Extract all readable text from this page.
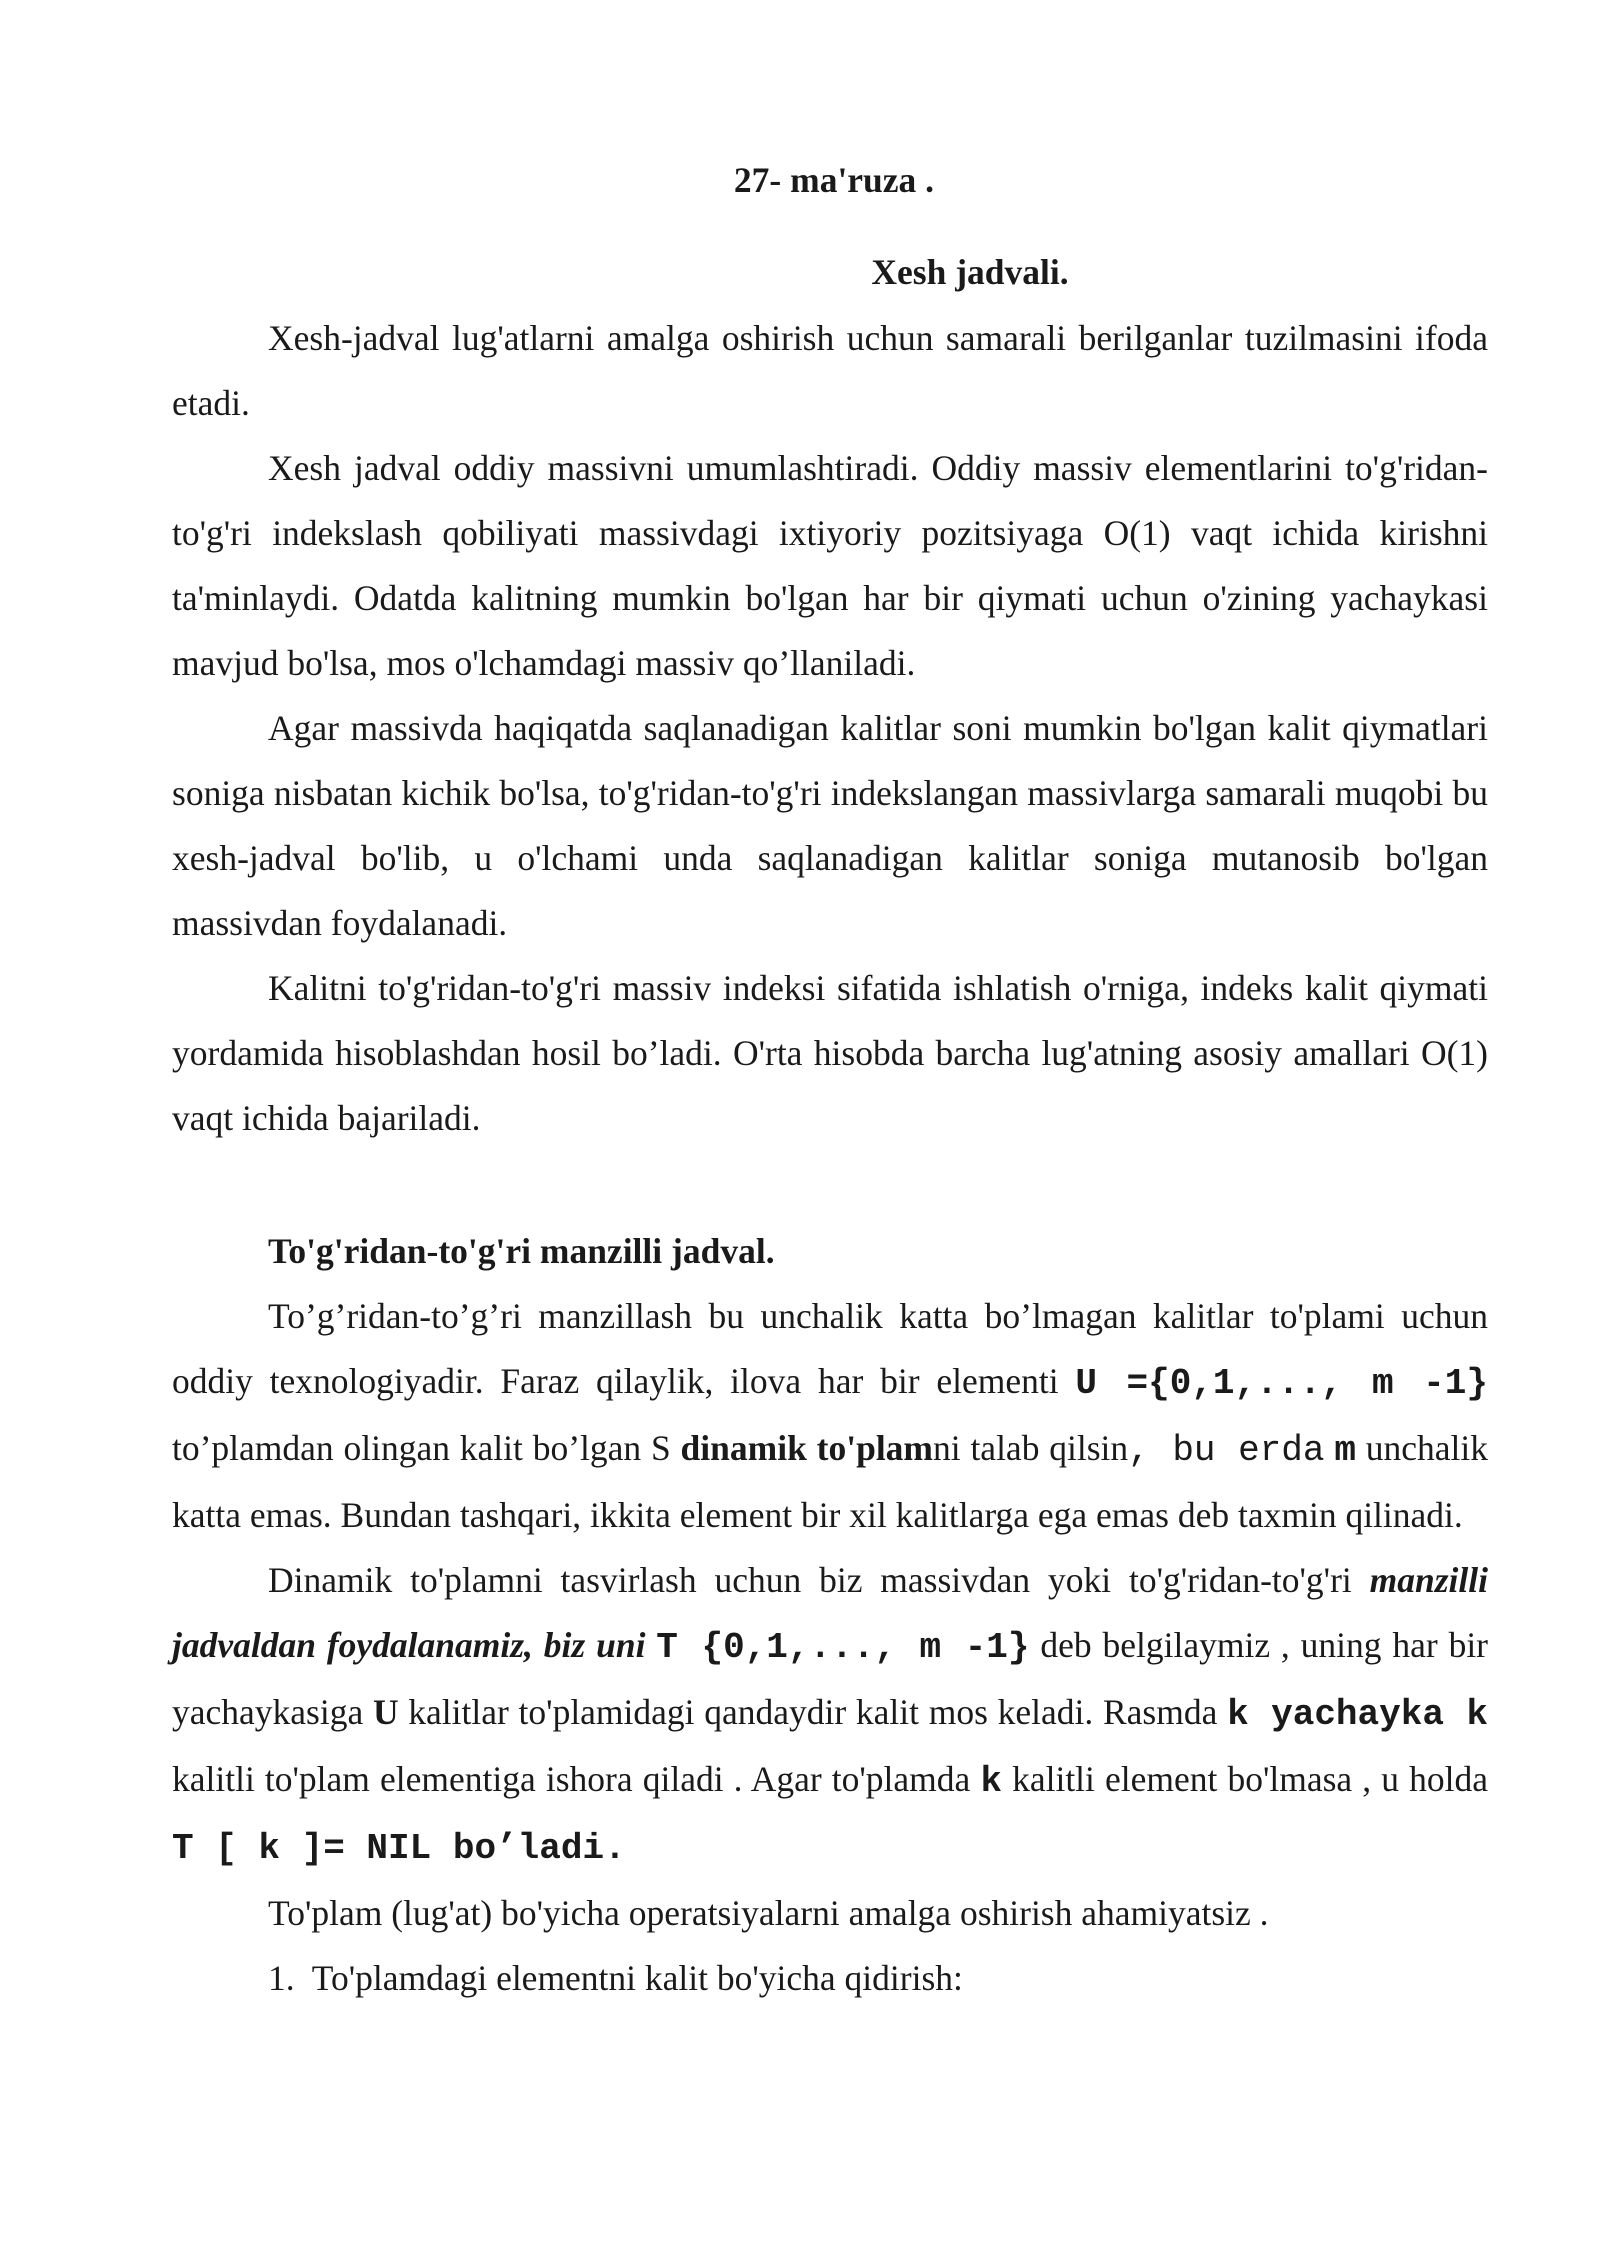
27- ma'ruza .

Xesh jadvali.

Xesh-jadval lug'atlarni amalga oshirish uchun samarali berilganlar tuzilmasini ifoda etadi.

Xesh jadval oddiy massivni umumlashtiradi. Oddiy massiv elementlarini to'g'ridan-to'g'ri indekslash qobiliyati massivdagi ixtiyoriy pozitsiyaga O(1) vaqt ichida kirishni ta'minlaydi. Odatda kalitning mumkin bo'lgan har bir qiymati uchun o'zining yachaykasi mavjud bo'lsa, mos o'lchamdagi massiv qo’llaniladi.

Agar massivda haqiqatda saqlanadigan kalitlar soni mumkin bo'lgan kalit qiymatlari soniga nisbatan kichik bo'lsa, to'g'ridan-to'g'ri indekslangan massivlarga samarali muqobi bu xesh-jadval bo'lib, u o'lchami unda saqlanadigan kalitlar soniga mutanosib bo'lgan massivdan foydalanadi.

Kalitni to'g'ridan-to'g'ri massiv indeksi sifatida ishlatish o'rniga, indeks kalit qiymati yordamida hisoblashdan hosil bo’ladi. O'rta hisobda barcha lug'atning asosiy amallari O(1) vaqt ichida bajariladi.

To'g'ridan-to'g'ri manzilli jadval.

To’g’ridan-to’g’ri manzillash bu unchalik katta bo’lmagan kalitlar to'plami uchun oddiy texnologiyadir. Faraz qilaylik, ilova har bir elementi U ={0,1,..., m -1} to’plamdan olingan kalit bo’lgan S dinamik to'plamni talab qilsin, bu erda m unchalik katta emas. Bundan tashqari, ikkita element bir xil kalitlarga ega emas deb taxmin qilinadi.

Dinamik to'plamni tasvirlash uchun biz massivdan yoki to'g'ridan-to'g'ri manzilli jadvaldan foydalanamiz, biz uni T {0,1,..., m -1} deb belgilaymiz , uning har bir yachaykasiga U kalitlar to'plamidagi qandaydir kalit mos keladi. Rasmda k yachayka k kalitli to'plam elementiga ishora qiladi . Agar to'plamda k kalitli element bo'lmasa , u holda T [ k ]= NIL bo’ladi.

To'plam (lug'at) bo'yicha operatsiyalarni amalga oshirish ahamiyatsiz .

1. To'plamdagi elementni kalit bo'yicha qidirish:
